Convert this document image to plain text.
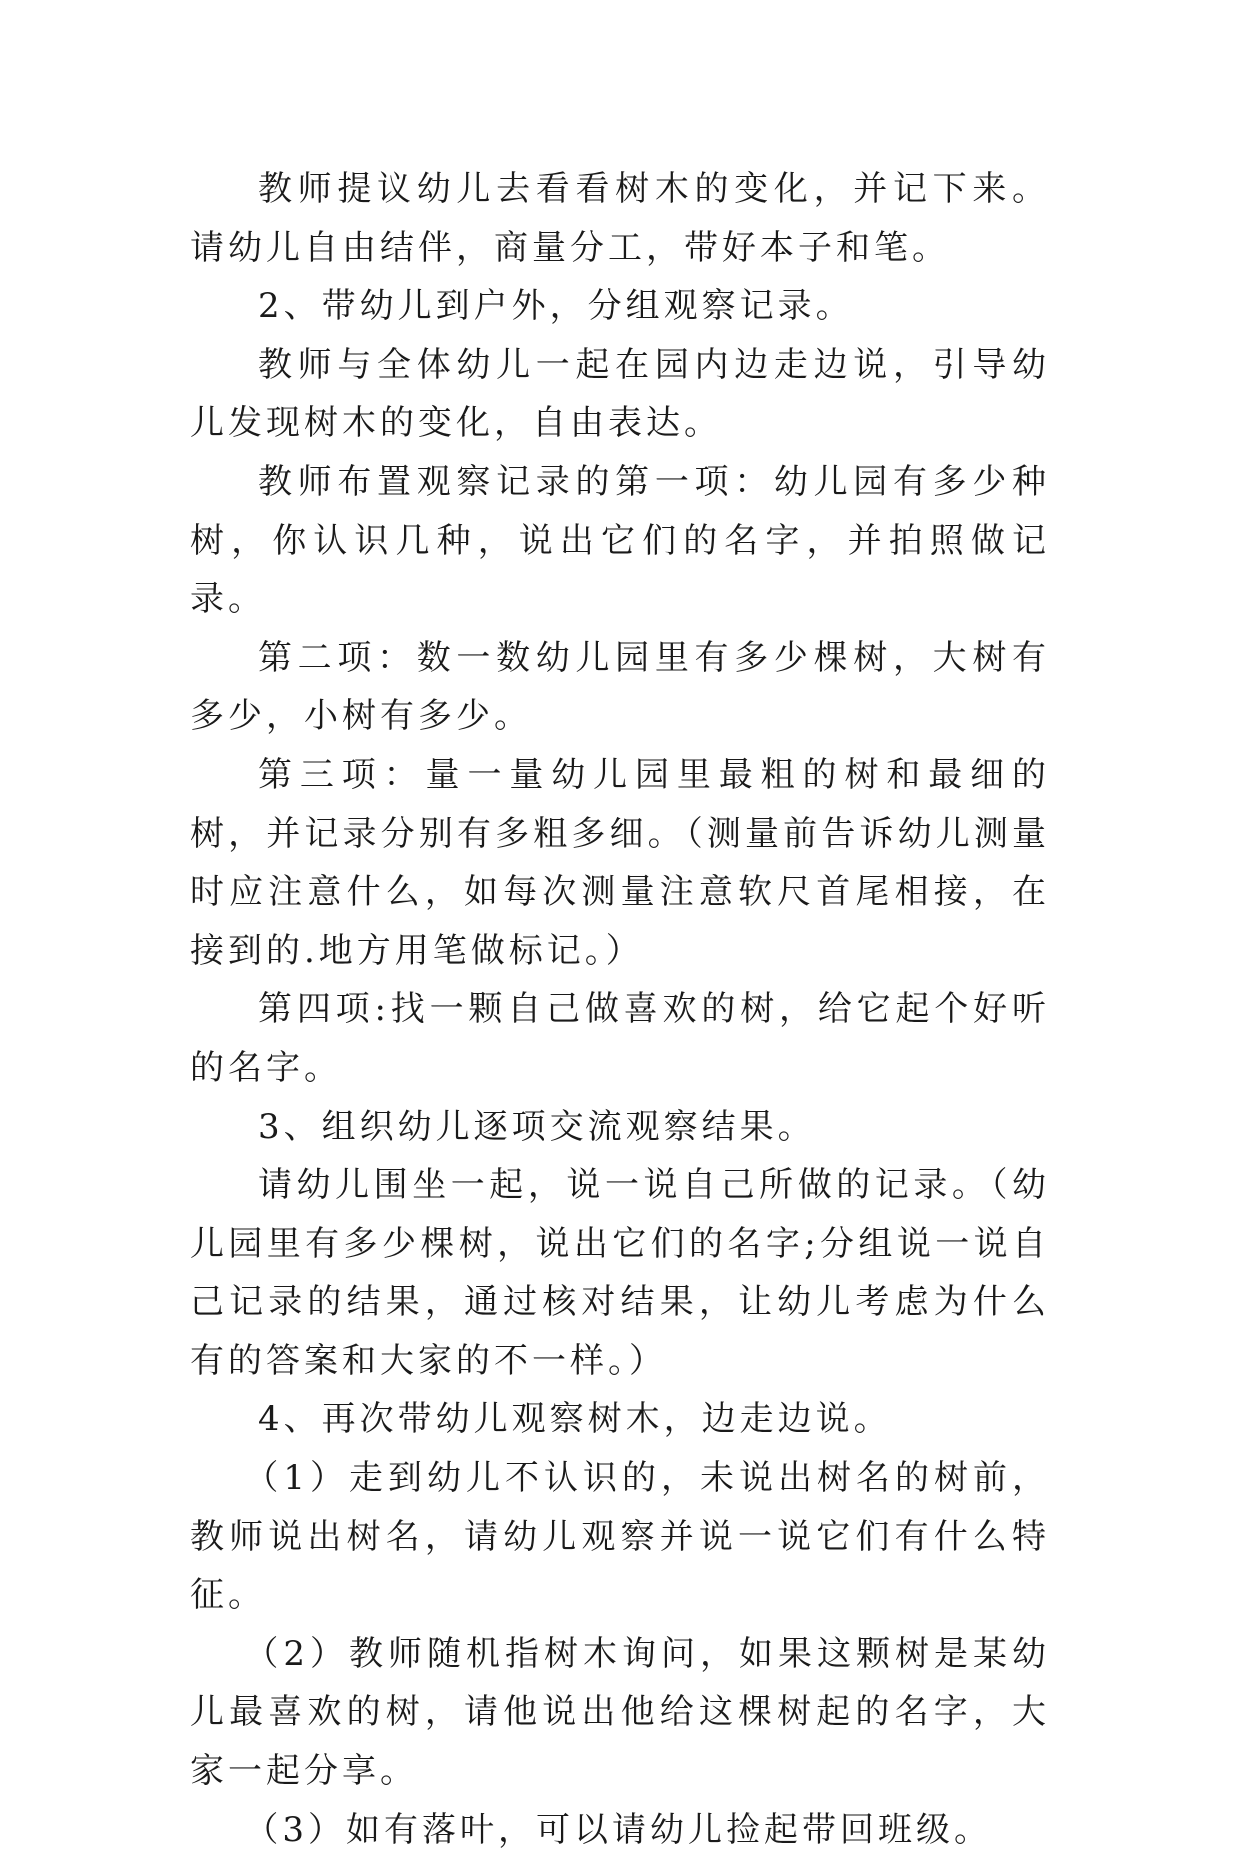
教师提议幼儿去看看树木的变化，并记下来。请幼儿自由结伴，商量分工，带好本子和笔。

2、带幼儿到户外，分组观察记录。

教师与全体幼儿一起在园内边走边说，引导幼儿发现树木的变化，自由表达。

教师布置观察记录的第一项：幼儿园有多少种树，你认识几种，说出它们的名字，并拍照做记录。

第二项：数一数幼儿园里有多少棵树，大树有多少，小树有多少。

第三项：量一量幼儿园里最粗的树和最细的树，并记录分别有多粗多细。（测量前告诉幼儿测量时应注意什么，如每次测量注意软尺首尾相接，在接到的.地方用笔做标记。）

第四项:找一颗自己做喜欢的树，给它起个好听的名字。

3、组织幼儿逐项交流观察结果。

请幼儿围坐一起，说一说自己所做的记录。（幼儿园里有多少棵树，说出它们的名字;分组说一说自己记录的结果，通过核对结果，让幼儿考虑为什么有的答案和大家的不一样。）

4、再次带幼儿观察树木，边走边说。

（1）走到幼儿不认识的，未说出树名的树前，教师说出树名，请幼儿观察并说一说它们有什么特征。

（2）教师随机指树木询问，如果这颗树是某幼儿最喜欢的树，请他说出他给这棵树起的名字，大家一起分享。

（3）如有落叶，可以请幼儿捡起带回班级。
